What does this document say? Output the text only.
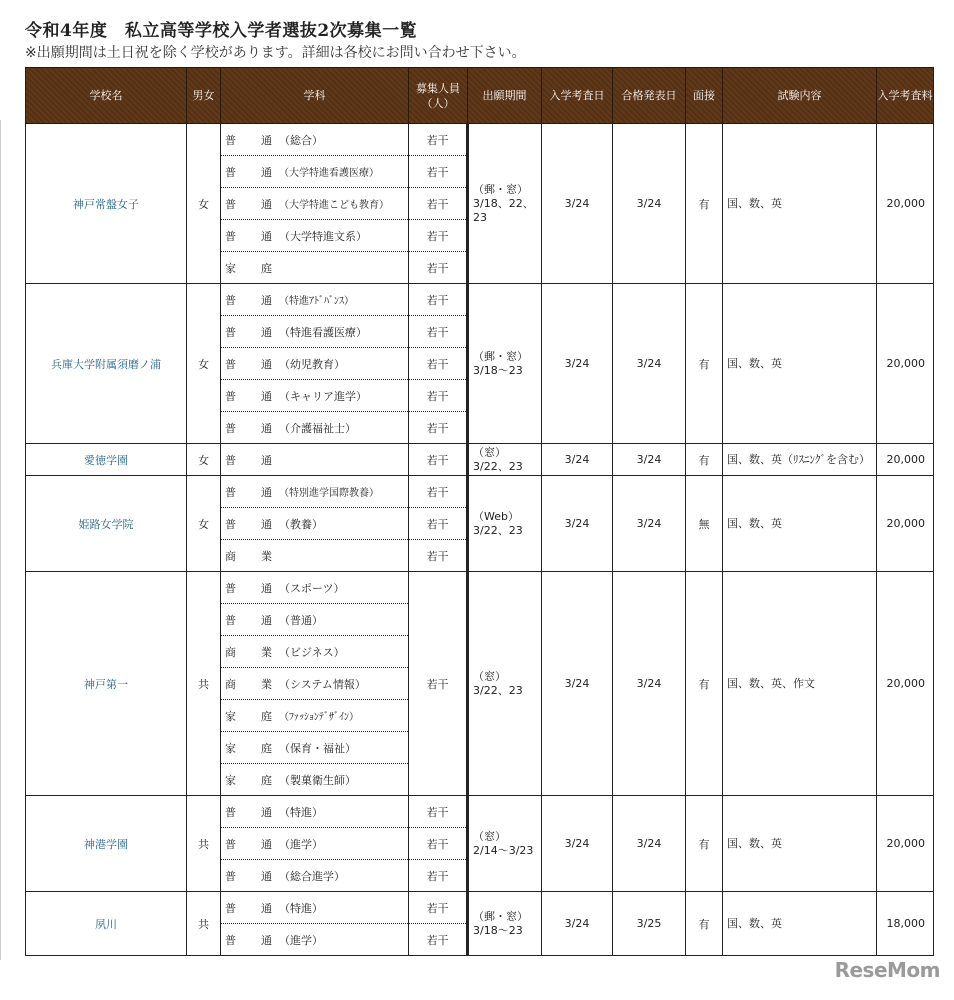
令和4年度　私立高等学校入学者選抜2次募集一覧
※出願期間は土日祝を除く学校があります。詳細は各校にお問い合わせ下さい。
学校名	男女	学科	募集人員（人）	出願期間	入学考査日	合格発表日	面接	試験内容	入学考査料
神戸常盤女子	女	普 通 （総合）	若干	（郵・窓）3/18、22、23	3/24	3/24	有	国、数、英	20,000
		普 通 （大学特進看護医療）	若干						
		普 通 （大学特進こども教育）	若干						
		普 通 （大学特進文系）	若干						
		家 庭	若干						
兵庫大学附属須磨ノ浦	女	普 通 （特進ｱﾄﾞﾊﾞﾝｽ）	若干	（郵・窓）3/18〜23	3/24	3/24	有	国、数、英	20,000
		普 通 （特進看護医療）	若干						
		普 通 （幼児教育）	若干						
		普 通 （キャリア進学）	若干						
		普 通 （介護福祉士）	若干						
愛徳学園	女	普 通	若干	（窓）3/22、23	3/24	3/24	有	国、数、英（ﾘｽﾆﾝｸﾞを含む）	20,000
姫路女学院	女	普 通 （特別進学国際教養）	若干	（Web）3/22、23	3/24	3/24	無	国、数、英	20,000
		普 通 （教養）	若干						
		商 業	若干						
神戸第一	共	普 通 （スポーツ）	若干	（窓）3/22、23	3/24	3/24	有	国、数、英、作文	20,000
		普 通 （普通）							
		商 業 （ビジネス）							
		商 業 （システム情報）							
		家 庭 （ﾌｧｯｼｮﾝﾃﾞｻﾞｲﾝ）							
		家 庭 （保育・福祉）							
		家 庭 （製菓衛生師）							
神港学園	共	普 通 （特進）	若干	（窓）2/14〜3/23	3/24	3/24	有	国、数、英	20,000
		普 通 （進学）	若干						
		普 通 （総合進学）	若干						
夙川	共	普 通 （特進）	若干	（郵・窓）3/18〜23	3/24	3/25	有	国、数、英	18,000
		普 通 （進学）	若干						
ReseMom
